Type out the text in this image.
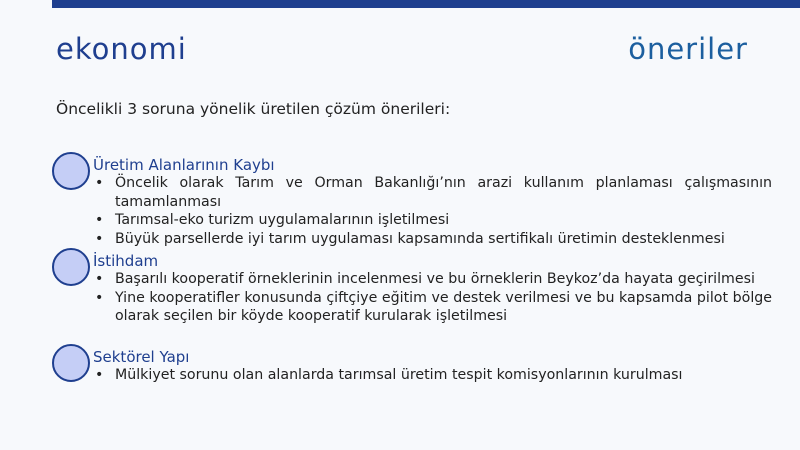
ekonomi	öneriler
Öncelikli 3 soruna yönelik üretilen çözüm önerileri:
Üretim Alanlarının Kaybı
• Öncelik olarak Tarım ve Orman Bakanlığı’nın arazi kullanım planlaması çalışmasının tamamlanması
• Tarımsal-eko turizm uygulamalarının işletilmesi
• Büyük parsellerde iyi tarım uygulaması kapsamında sertifikalı üretimin desteklenmesi
İstihdam
• Başarılı kooperatif örneklerinin incelenmesi ve bu örneklerin Beykoz’da hayata geçirilmesi
• Yine kooperatifler konusunda çiftçiye eğitim ve destek verilmesi ve bu kapsamda pilot bölge olarak seçilen bir köyde kooperatif kurularak işletilmesi
Sektörel Yapı
• Mülkiyet sorunu olan alanlarda tarımsal üretim tespit komisyonlarının kurulması
